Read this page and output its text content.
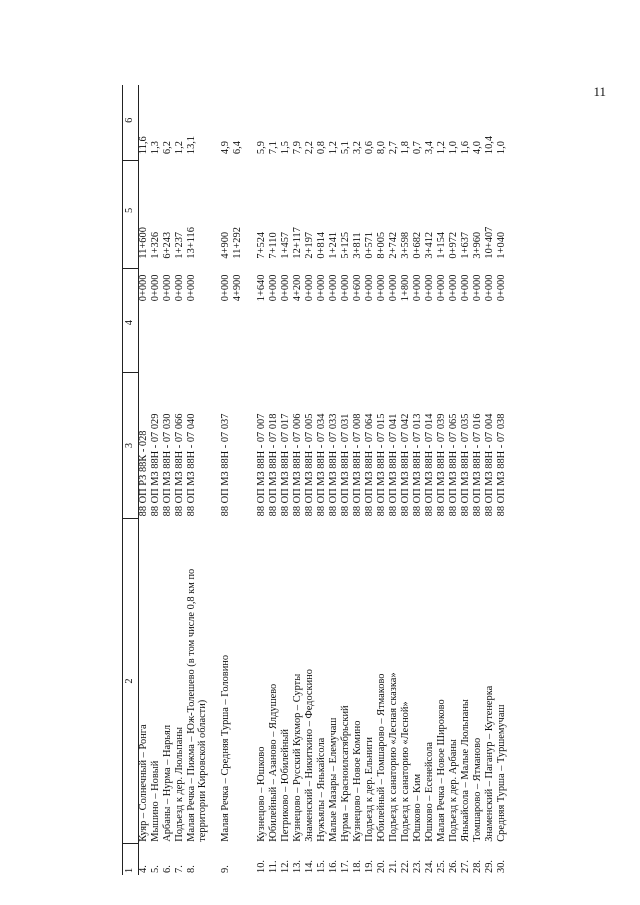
11
1	2	3	4	5	6
4.	Куяр – Солнечный – Ронга	88 ОП РЗ 88К - 028	0+000	11+600	11,6
5.	Мышино – Новый	88 ОП МЗ 88Н - 07 029	0+000	1+326	1,3
6.	Арбаны – Нурма – Нарьял	88 ОП МЗ 88Н - 07 030	0+000	6+243	6,2
7.	Подъезд к дер. Люльпаны	88 ОП МЗ 88Н - 07 066	0+000	1+237	1,2
8.	Малая Речка – Пижма – Юж-Толешево (в том числе 0,8 км по территории Кировской области)	88 ОП МЗ 88Н - 07 040	0+000	13+116	13,1

9.	Малая Речка – Средняя Турша – Головино	88 ОП МЗ 88Н - 07 037	0+000	4+900	4,9
			4+900	11+292	6,4

10.	Кузнецово – Юшково	88 ОП МЗ 88Н - 07 007	1+640	7+524	5,9
11.	Юбилейный – Азаново – Ялдушево	88 ОП МЗ 88Н - 07 018	0+000	7+110	7,1
12.	Петриково – Юбилейный	88 ОП МЗ 88Н - 07 017	0+000	1+457	1,5
13.	Кузнецово – Русский Кукмор – Сурты	88 ОП МЗ 88Н - 07 006	4+200	12+117	7,9
14.	Знаменский – Никиткино – Федоскино	88 ОП МЗ 88Н - 07 005	0+000	2+197	2,2
15.	Нужъялы – Янькайсола	88 ОП МЗ 88Н - 07 034	0+000	0+814	0,8
16.	Малые Мазары – Елемучаш	88 ОП МЗ 88Н - 07 033	0+000	1+241	1,2
17.	Нурма – Красноилсатябрьский	88 ОП МЗ 88Н - 07 031	0+000	5+125	5,1
18.	Кузнецово – Новое Комино	88 ОП МЗ 88Н - 07 008	0+600	3+811	3,2
19.	Подъезд к дер. Ельниги	88 ОП МЗ 88Н - 07 064	0+000	0+571	0,6
20.	Юбилейный – Томшарово – Ятмаково	88 ОП МЗ 88Н - 07 015	0+000	8+005	8,0
21.	Подъезд к санаторию «Лесная сказка»	88 ОП МЗ 88Н - 07 041	0+000	2+742	2,7
22.	Подъезд к санаторию «Лесной»	88 ОП МЗ 88Н - 07 042	1+800	3+598	1,8
23.	Юшково – Ким	88 ОП МЗ 88Н - 07 013	0+000	0+682	0,7
24.	Юшково – Есенейсола	88 ОП МЗ 88Н - 07 014	0+000	3+412	3,4
25.	Малая Речка – Новое Широково	88 ОП МЗ 88Н - 07 039	0+000	1+154	1,2
26.	Подъезд к дер. Арбаны	88 ОП МЗ 88Н - 07 065	0+000	0+972	1,0
27.	Янькайсола – Малые Люльпаны	88 ОП МЗ 88Н - 07 035	0+000	1+637	1,6
28.	Томшарово – Ятманово	88 ОП МЗ 88Н - 07 016	0+000	3+960	4,0
29.	Знаменский – Пагануp – Кутенерка	88 ОП МЗ 88Н - 07 004	0+000	10+407	10,4
30.	Средняя Турша – Туршемучаш	88 ОП МЗ 88Н - 07 038	0+000	1+040	1,0
